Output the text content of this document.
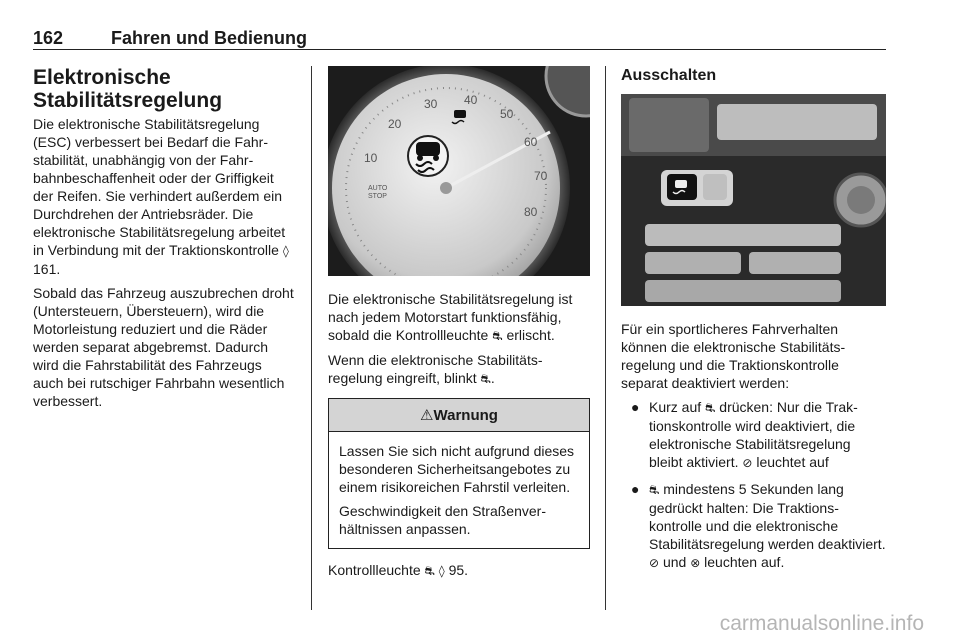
162	Fahren und Bedienung
Elektronische
Stabilitätsregelung

Die elektronische Stabilitätsregelung (ESC) verbessert bei Bedarf die Fahrstabilität, unabhängig von der Fahrbahnbeschaffenheit oder der Griffigkeit der Reifen. Sie verhindert außerdem ein Durchdrehen der Antriebsräder. Die elektronische Stabilitätsregelung arbeitet in Verbindung mit der Traktionskontrolle ◊ 161.

Sobald das Fahrzeug auszubrechen droht (Untersteuern, Übersteuern), wird die Motorleistung reduziert und die Räder werden separat abgebremst. Dadurch wird die Fahrstabilität des Fahrzeugs auch bei rutschiger Fahrbahn wesentlich verbessert.

10
20
30 40
50
60
70
80
AUTO
STOP

Die elektronische Stabilitätsregelung ist nach jedem Motorstart funktionsfähig, sobald die Kontrollleuchte ⛐ erlischt.

Wenn die elektronische Stabilitätsregelung eingreift, blinkt ⛐.

⚠ Warnung

Lassen Sie sich nicht aufgrund dieses besonderen Sicherheitsangebotes zu einem risikoreichen Fahrstil verleiten.

Geschwindigkeit den Straßenverhältnissen anpassen.

Kontrollleuchte ⛐ ◊ 95.

Ausschalten

Für ein sportlicheres Fahrverhalten können die elektronische Stabilitätsregelung und die Traktionskontrolle separat deaktiviert werden:

● Kurz auf ⛐ drücken: Nur die Traktionskontrolle wird deaktiviert, die elektronische Stabilitätsregelung bleibt aktiviert. ⊘ leuchtet auf
● ⛐ mindestens 5 Sekunden lang gedrückt halten: Die Traktionskontrolle und die elektronische Stabilitätsregelung werden deaktiviert. ⊘ und ⊗ leuchten auf.
carmanualsonline.info
